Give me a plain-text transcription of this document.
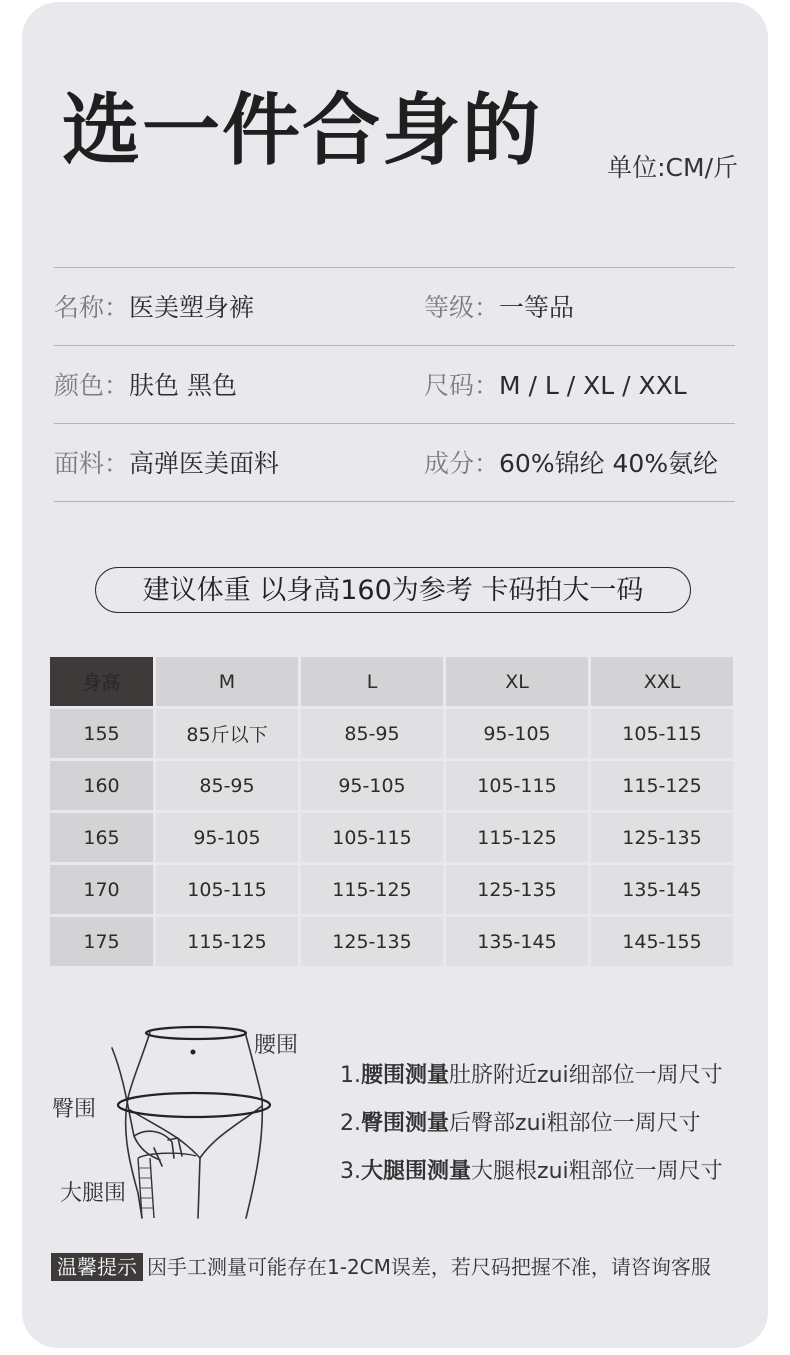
选一件合身的	单位:CM/斤
名称：医美塑身裤	等级：一等品
颜色：肤色 黑色	尺码：M / L / XL / XXL
面料：高弹医美面料	成分：60%锦纶 40%氨纶
建议体重 以身高160为参考 卡码拍大一码
身高	M	L	XL	XXL
155	85斤以下	85-95	95-105	105-115
160	85-95	95-105	105-115	115-125
165	95-105	105-115	115-125	125-135
170	105-115	115-125	125-135	135-145
175	115-125	125-135	135-145	145-155
腰围
臀围
大腿围
1.腰围测量肚脐附近zui细部位一周尺寸
2.臀围测量后臀部zui粗部位一周尺寸
3.大腿围测量大腿根zui粗部位一周尺寸
温馨提示 因手工测量可能存在1-2CM误差，若尺码把握不准，请咨询客服
